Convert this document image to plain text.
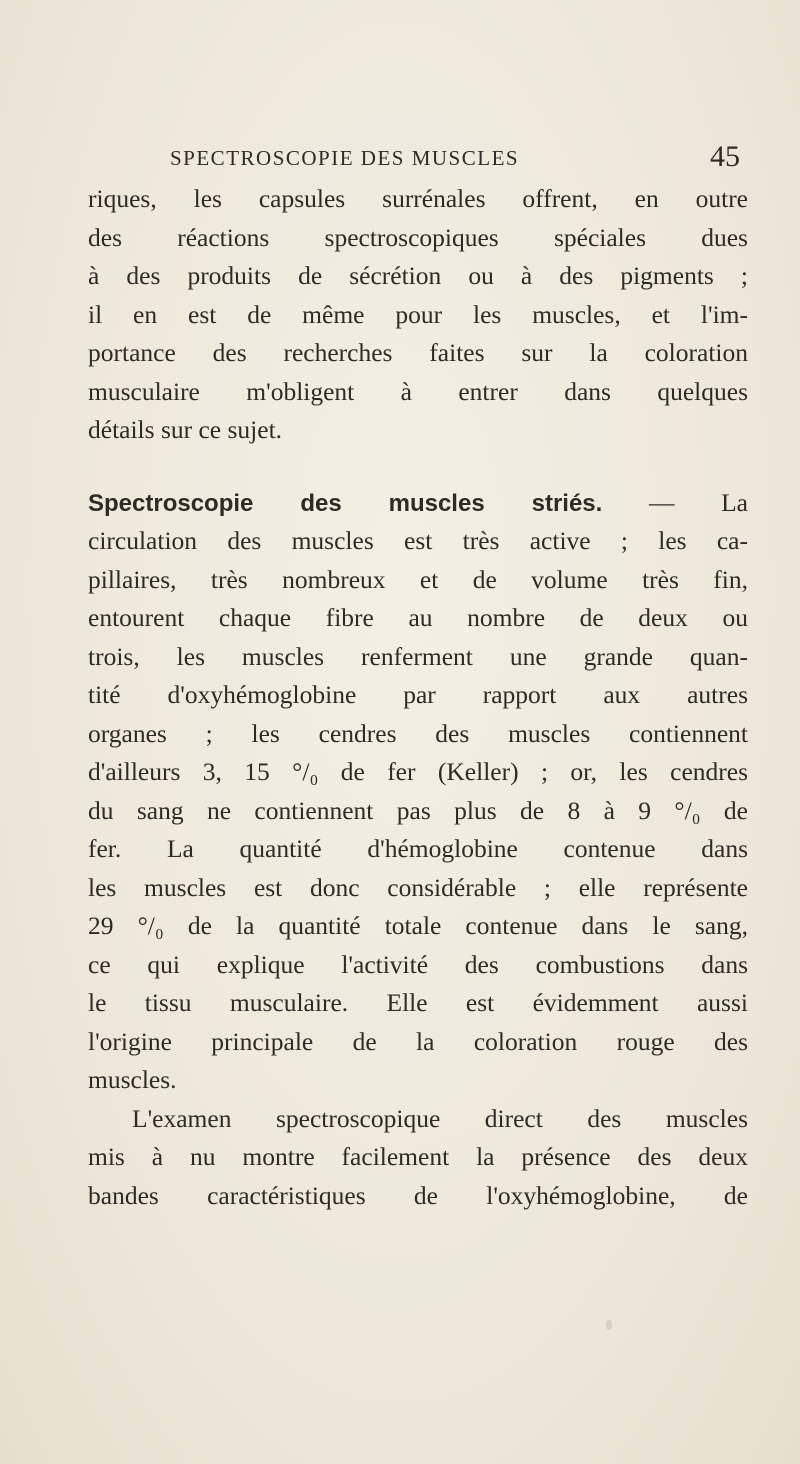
SPECTROSCOPIE DES MUSCLES	45
riques, les capsules surrénales offrent, en outre
des réactions spectroscopiques spéciales dues
à des produits de sécrétion ou à des pigments ;
il en est de même pour les muscles, et l'im-
portance des recherches faites sur la coloration
musculaire m'obligent à entrer dans quelques
détails sur ce sujet.
Spectroscopie des muscles striés. — La
circulation des muscles est très active ; les ca-
pillaires, très nombreux et de volume très fin,
entourent chaque fibre au nombre de deux ou
trois, les muscles renferment une grande quan-
tité d'oxyhémoglobine par rapport aux autres
organes ; les cendres des muscles contiennent
d'ailleurs 3, 15 °/₀ de fer (Keller) ; or, les cendres
du sang ne contiennent pas plus de 8 à 9 °/₀ de
fer. La quantité d'hémoglobine contenue dans
les muscles est donc considérable ; elle représente
29 °/₀ de la quantité totale contenue dans le sang,
ce qui explique l'activité des combustions dans
le tissu musculaire. Elle est évidemment aussi
l'origine principale de la coloration rouge des
muscles.
L'examen spectroscopique direct des muscles
mis à nu montre facilement la présence des deux
bandes caractéristiques de l'oxyhémoglobine, de
